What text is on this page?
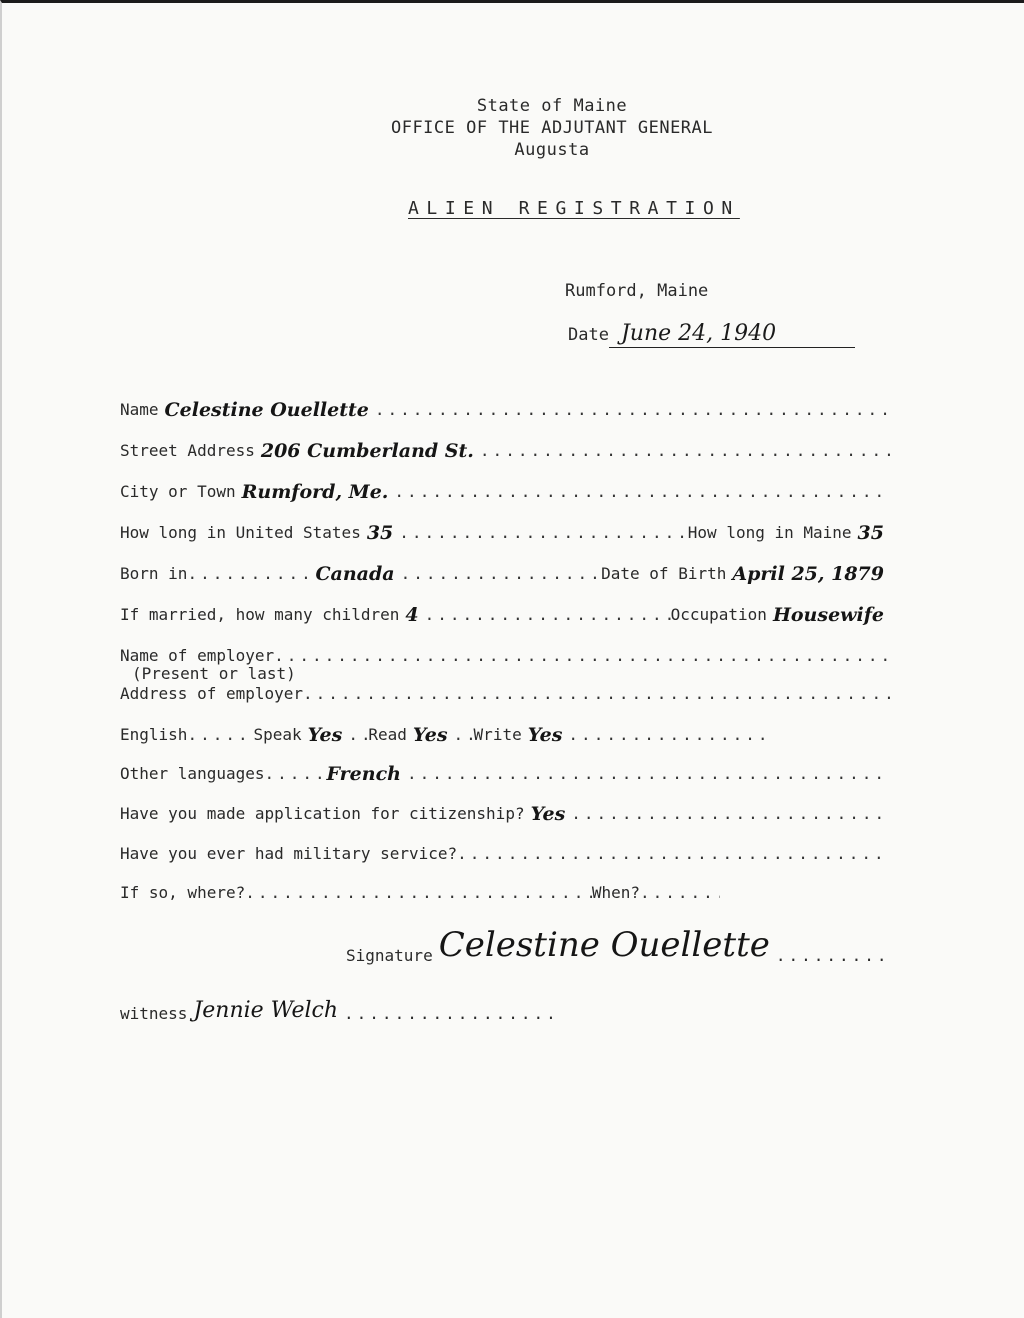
State of Maine
OFFICE OF THE ADJUTANT GENERAL
Augusta
ALIEN REGISTRATION
Rumford, Maine
Date June 24, 1940
Name Celestine Ouellette
.....
Street Address 206 Cumberland St.
.....
City or Town Rumford, Me.
.....
How long in United States 35 .....	How long in Maine 35
Born in .....	Canada .....	Date of Birth April 25, 1879
If married, how many children 4 .....	Occupation Housewife
Name of employer
.....
(Present or last)
Address of employer
.....
English .....	Speak Yes .....	Read Yes .....	Write Yes
.....
Other languages .....	French
.....
Have you made application for citizenship? Yes
.....
Have you ever had military service?
.....
If so, where? .....	When?
.....
Signature Celestine Ouellette
.....
witness Jennie Welch
.....
